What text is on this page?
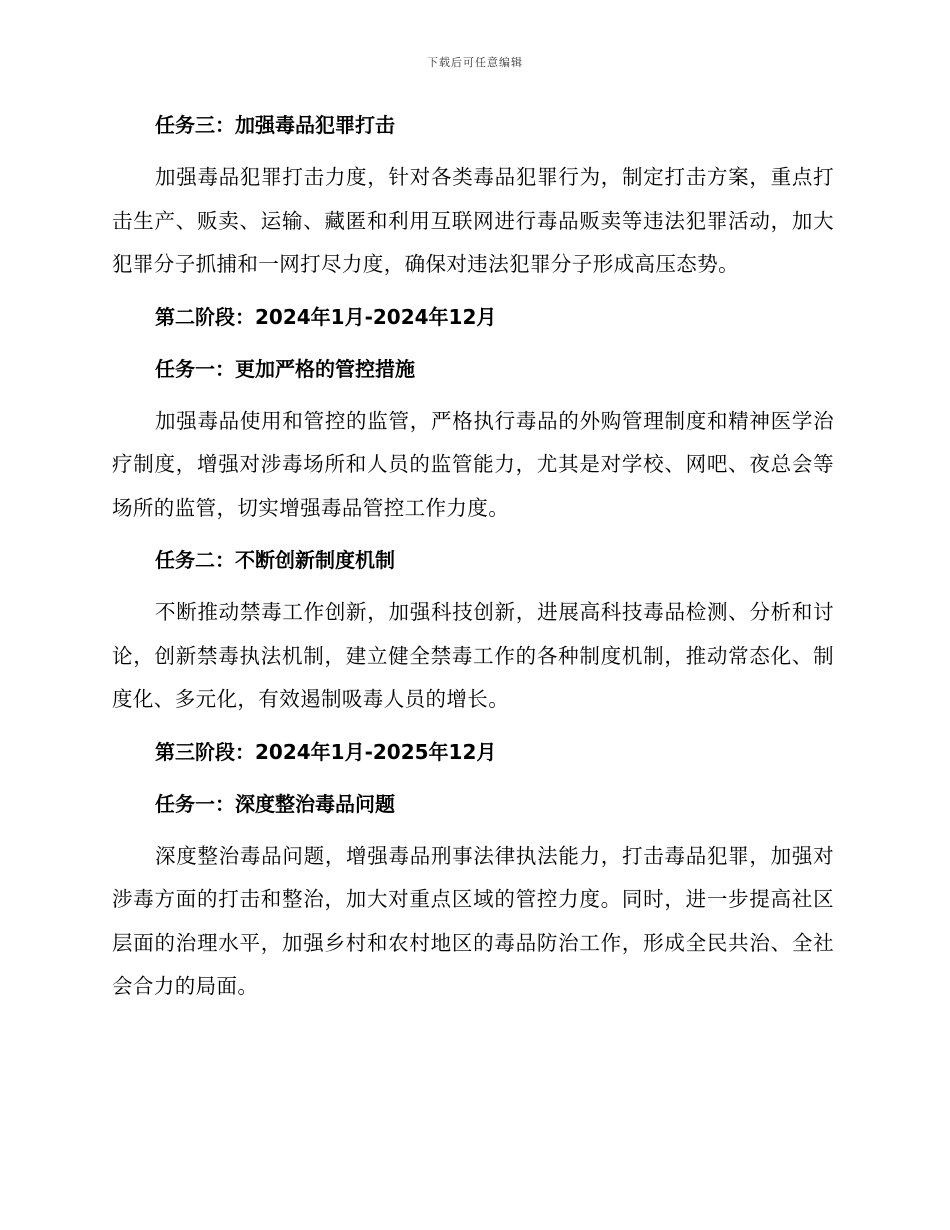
下载后可任意编辑
任务三：加强毒品犯罪打击
加强毒品犯罪打击力度，针对各类毒品犯罪行为，制定打击方案，重点打击生产、贩卖、运输、藏匿和利用互联网进行毒品贩卖等违法犯罪活动，加大犯罪分子抓捕和一网打尽力度，确保对违法犯罪分子形成高压态势。
第二阶段：2024年1月-2024年12月
任务一：更加严格的管控措施
加强毒品使用和管控的监管，严格执行毒品的外购管理制度和精神医学治疗制度，增强对涉毒场所和人员的监管能力，尤其是对学校、网吧、夜总会等场所的监管，切实增强毒品管控工作力度。
任务二：不断创新制度机制
不断推动禁毒工作创新，加强科技创新，进展高科技毒品检测、分析和讨论，创新禁毒执法机制，建立健全禁毒工作的各种制度机制，推动常态化、制度化、多元化，有效遏制吸毒人员的增长。
第三阶段：2024年1月-2025年12月
任务一：深度整治毒品问题
深度整治毒品问题，增强毒品刑事法律执法能力，打击毒品犯罪，加强对涉毒方面的打击和整治，加大对重点区域的管控力度。同时，进一步提高社区层面的治理水平，加强乡村和农村地区的毒品防治工作，形成全民共治、全社会合力的局面。
